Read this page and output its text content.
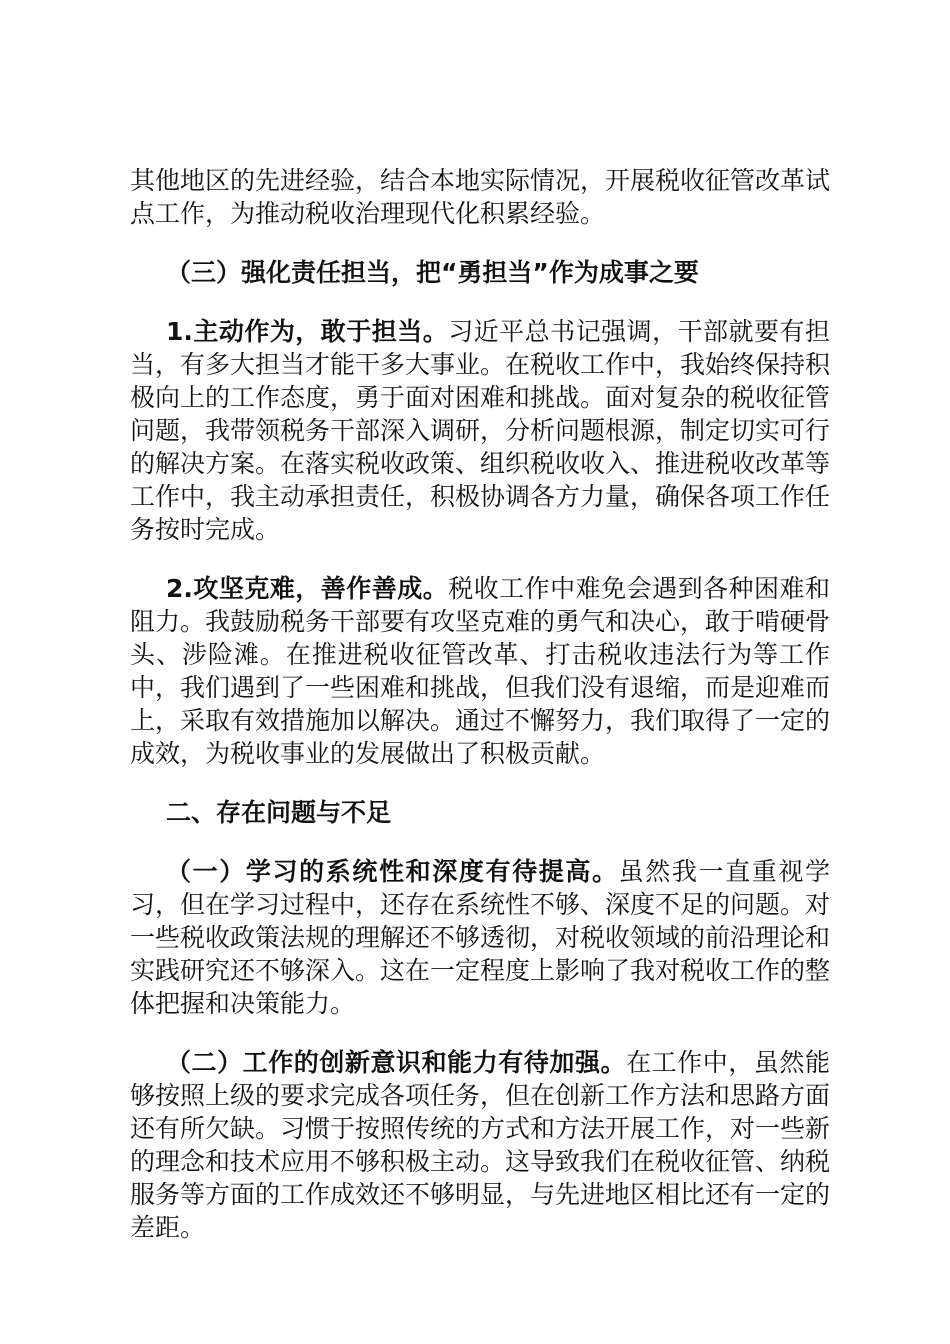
其他地区的先进经验，结合本地实际情况，开展税收征管改革试点工作，为推动税收治理现代化积累经验。

（三）强化责任担当，把“勇担当”作为成事之要

1.主动作为，敢于担当。习近平总书记强调，干部就要有担当，有多大担当才能干多大事业。在税收工作中，我始终保持积极向上的工作态度，勇于面对困难和挑战。面对复杂的税收征管问题，我带领税务干部深入调研，分析问题根源，制定切实可行的解决方案。在落实税收政策、组织税收收入、推进税收改革等工作中，我主动承担责任，积极协调各方力量，确保各项工作任务按时完成。

2.攻坚克难，善作善成。税收工作中难免会遇到各种困难和阻力。我鼓励税务干部要有攻坚克难的勇气和决心，敢于啃硬骨头、涉险滩。在推进税收征管改革、打击税收违法行为等工作中，我们遇到了一些困难和挑战，但我们没有退缩，而是迎难而上，采取有效措施加以解决。通过不懈努力，我们取得了一定的成效，为税收事业的发展做出了积极贡献。

二、存在问题与不足

（一）学习的系统性和深度有待提高。虽然我一直重视学习，但在学习过程中，还存在系统性不够、深度不足的问题。对一些税收政策法规的理解还不够透彻，对税收领域的前沿理论和实践研究还不够深入。这在一定程度上影响了我对税收工作的整体把握和决策能力。

（二）工作的创新意识和能力有待加强。在工作中，虽然能够按照上级的要求完成各项任务，但在创新工作方法和思路方面还有所欠缺。习惯于按照传统的方式和方法开展工作，对一些新的理念和技术应用不够积极主动。这导致我们在税收征管、纳税服务等方面的工作成效还不够明显，与先进地区相比还有一定的差距。
